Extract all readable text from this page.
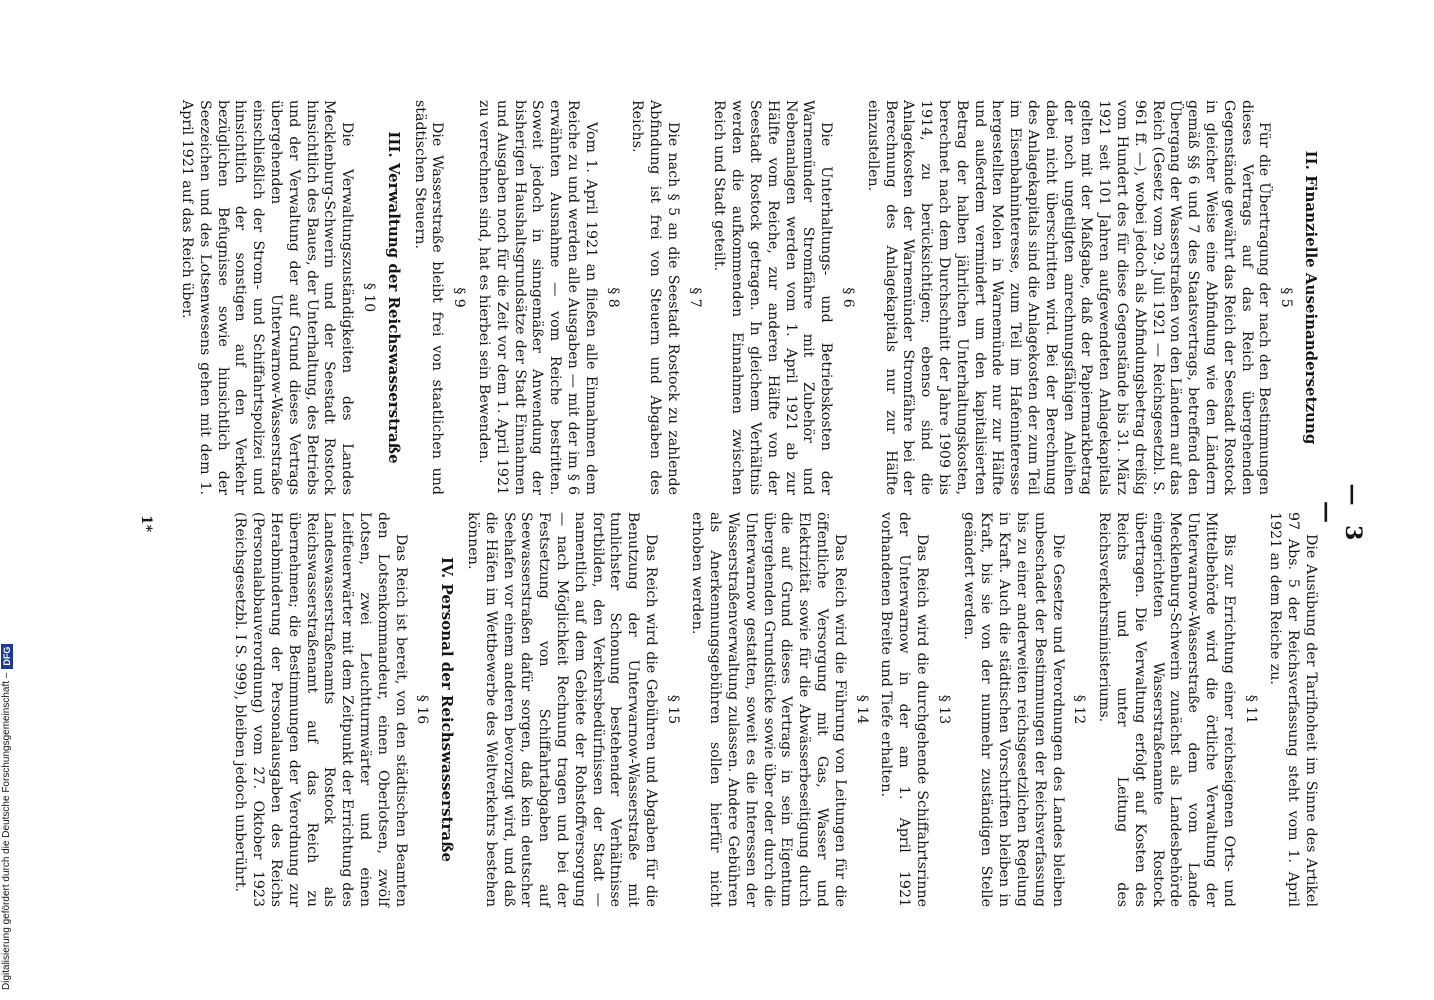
— 3 —
II. Finanzielle Auseinandersetzung
§ 5

Für die Übertragung der nach den Bestimmungen dieses Vertrags auf das Reich übergehenden Gegenstände gewährt das Reich der Seestadt Rostock in gleicher Weise eine Abfindung wie den Ländern gemäß §§ 6 und 7 des Staatsvertrags, betreffend den Übergang der Wasserstraßen von den Ländern auf das Reich (Gesetz vom 29. Juli 1921 — Reichsgesetzbl. S. 961 ff. —), wobei jedoch als Abfindungsbetrag dreißig vom Hundert des für diese Gegenstände bis 31. März 1921 seit 101 Jahren aufgewendeten Anlagekapitals gelten mit der Maßgabe, daß der Papiermarkbetrag der noch ungetilgten anrechnungsfähigen Anleihen dabei nicht überschritten wird. Bei der Berechnung des Anlagekapitals sind die Anlagekosten der zum Teil im Eisenbahninteresse, zum Teil im Hafeninteresse hergestellten Molen in Warnemünde nur zur Hälfte und außerdem vermindert um den kapitalisierten Betrag der halben jährlichen Unterhaltungskosten, berechnet nach dem Durchschnitt der Jahre 1909 bis 1914, zu berücksichtigen; ebenso sind die Anlagekosten der Warnemünder Stromfähre bei der Berechnung des Anlagekapitals nur zur Hälfte einzustellen.

§ 6

Die Unterhaltungs- und Betriebskosten der Warnemünder Stromfähre mit Zubehör und Nebenanlagen werden vom 1. April 1921 ab zur Hälfte vom Reiche, zur anderen Hälfte von der Seestadt Rostock getragen. In gleichem Verhältnis werden die aufkommenden Einnahmen zwischen Reich und Stadt geteilt.

§ 7

Die nach § 5 an die Seestadt Rostock zu zahlende Abfindung ist frei von Steuern und Abgaben des Reichs.

§ 8

Vom 1. April 1921 an fließen alle Einnahmen dem Reiche zu und werden alle Ausgaben — mit der im § 6 erwähnten Ausnahme — vom Reiche bestritten. Soweit jedoch in sinngemäßer Anwendung der bisherigen Haushaltsgrundsätze der Stadt Einnahmen und Ausgaben noch für die Zeit vor dem 1. April 1921 zu verrechnen sind, hat es hierbei sein Bewenden.

§ 9

Die Wasserstraße bleibt frei von staatlichen und städtischen Steuern.

III. Verwaltung der Reichswasserstraße
§ 10

Die Verwaltungszuständigkeiten des Landes Mecklenburg-Schwerin und der Seestadt Rostock hinsichtlich des Baues, der Unterhaltung, des Betriebs und der Verwaltung der auf Grund dieses Vertrags übergehenden Unterwarnow-Wasserstraße einschließlich der Strom- und Schiffahrtspolizei und hinsichtlich der sonstigen auf den Verkehr bezüglichen Befugnisse sowie hinsichtlich der Seezeichen und des Lotsenwesens gehen mit dem 1. April 1921 auf das Reich über.

Die Ausübung der Tarifhoheit im Sinne des Artikel 97 Abs. 5 der Reichsverfassung steht vom 1. April 1921 an dem Reiche zu.

§ 11

Bis zur Errichtung einer reichseigenen Orts- und Mittelbehörde wird die örtliche Verwaltung der Unterwarnow-Wasserstraße dem vom Lande Mecklenburg-Schwerin zunächst als Landesbehörde eingerichteten Wasserstraßenamte Rostock übertragen. Die Verwaltung erfolgt auf Kosten des Reichs und unter Leitung des Reichsverkehrsministeriums.

§ 12

Die Gesetze und Verordnungen des Landes bleiben unbeschadet der Bestimmungen der Reichsverfassung bis zu einer anderweiten reichsgesetzlichen Regelung in Kraft. Auch die städtischen Vorschriften bleiben in Kraft, bis sie von der nunmehr zuständigen Stelle geändert werden.

§ 13

Das Reich wird die durchgehende Schiffahrtsrinne der Unterwarnow in der am 1. April 1921 vorhandenen Breite und Tiefe erhalten.

§ 14

Das Reich wird die Führung von Leitungen für die öffentliche Versorgung mit Gas, Wasser und Elektrizität sowie für die Abwässerbeseitigung durch die auf Grund dieses Vertrags in sein Eigentum übergehenden Grundstücke sowie über oder durch die Unterwarnow gestatten, soweit es die Interessen der Wasserstraßenverwaltung zulassen. Andere Gebühren als Anerkennungsgebühren sollen hierfür nicht erhoben werden.

§ 15

Das Reich wird die Gebühren und Abgaben für die Benutzung der Unterwarnow-Wasserstraße mit tunlichster Schonung bestehender Verhältnisse fortbilden, den Verkehrsbedürfnissen der Stadt — namentlich auf dem Gebiete der Rohstoffversorgung — nach Möglichkeit Rechnung tragen und bei der Festsetzung von Schiffahrtabgaben auf Seewasserstraßen dafür sorgen, daß kein deutscher Seehafen vor einem anderen bevorzugt wird, und daß die Häfen im Wettbewerbe des Weltverkehrs bestehen können.

IV. Personal der Reichswasserstraße
§ 16

Das Reich ist bereit, von den städtischen Beamten den Lotsenkommandeur, einen Oberlotsen, zwölf Lotsen, zwei Leuchtturmwärter und einen Leitfeuerwärter mit dem Zeitpunkt der Errichtung des Landeswasserstraßenamts Rostock als Reichswasserstraßenamt auf das Reich zu übernehmen; die Bestimmungen der Verordnung zur Herabminderung der Personalausgaben des Reichs (Personalabbauverordnung) vom 27. Oktober 1923 (Reichsgesetzbl. I S. 999), bleiben jedoch unberührt.

1*
Digitalisierung gefördert durch die Deutsche Forschungsgemeinschaft –
DFG
